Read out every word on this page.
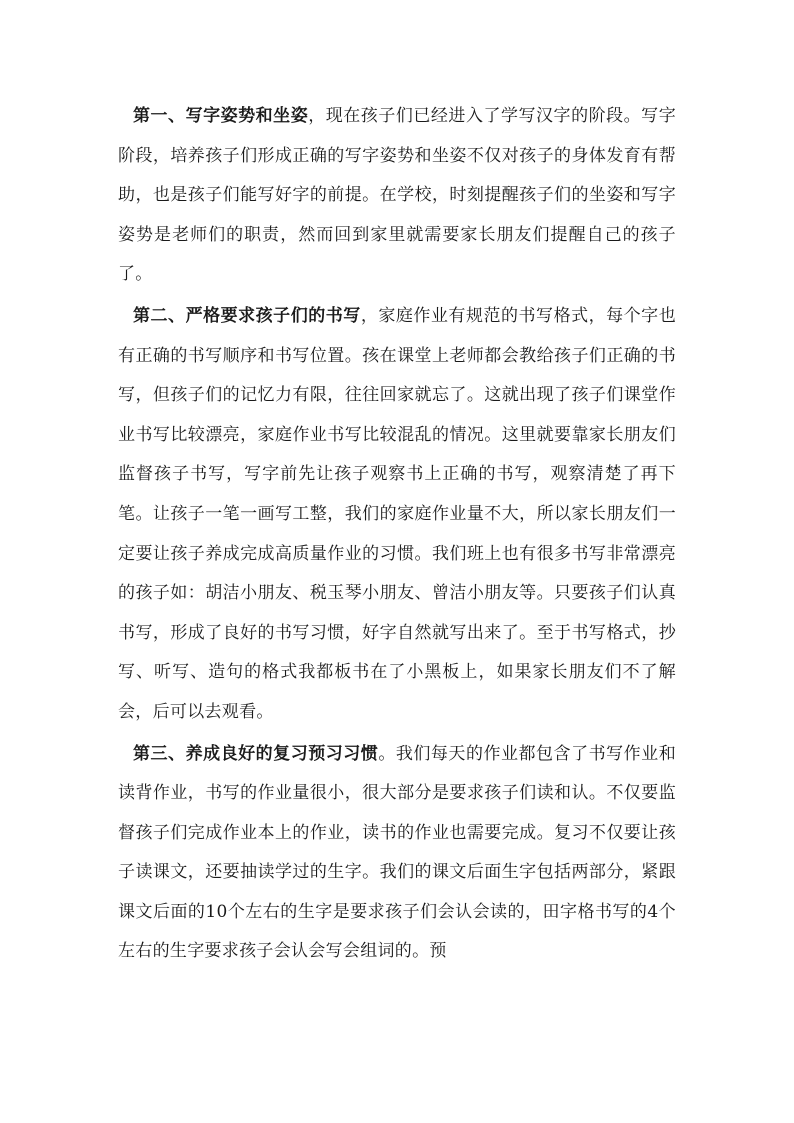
第一、写字姿势和坐姿，现在孩子们已经进入了学写汉字的阶段。写字阶段，培养孩子们形成正确的写字姿势和坐姿不仅对孩子的身体发育有帮助，也是孩子们能写好字的前提。在学校，时刻提醒孩子们的坐姿和写字姿势是老师们的职责，然而回到家里就需要家长朋友们提醒自己的孩子了。

第二、严格要求孩子们的书写，家庭作业有规范的书写格式，每个字也有正确的书写顺序和书写位置。孩在课堂上老师都会教给孩子们正确的书写，但孩子们的记忆力有限，往往回家就忘了。这就出现了孩子们课堂作业书写比较漂亮，家庭作业书写比较混乱的情况。这里就要靠家长朋友们监督孩子书写，写字前先让孩子观察书上正确的书写，观察清楚了再下笔。让孩子一笔一画写工整，我们的家庭作业量不大，所以家长朋友们一定要让孩子养成完成高质量作业的习惯。我们班上也有很多书写非常漂亮的孩子如：胡洁小朋友、税玉琴小朋友、曾洁小朋友等。只要孩子们认真书写，形成了良好的书写习惯，好字自然就写出来了。至于书写格式，抄写、听写、造句的格式我都板书在了小黑板上，如果家长朋友们不了解会，后可以去观看。

第三、养成良好的复习预习习惯。我们每天的作业都包含了书写作业和读背作业，书写的作业量很小，很大部分是要求孩子们读和认。不仅要监督孩子们完成作业本上的作业，读书的作业也需要完成。复习不仅要让孩子读课文，还要抽读学过的生字。我们的课文后面生字包括两部分，紧跟课文后面的10个左右的生字是要求孩子们会认会读的，田字格书写的4个左右的生字要求孩子会认会写会组词的。预
